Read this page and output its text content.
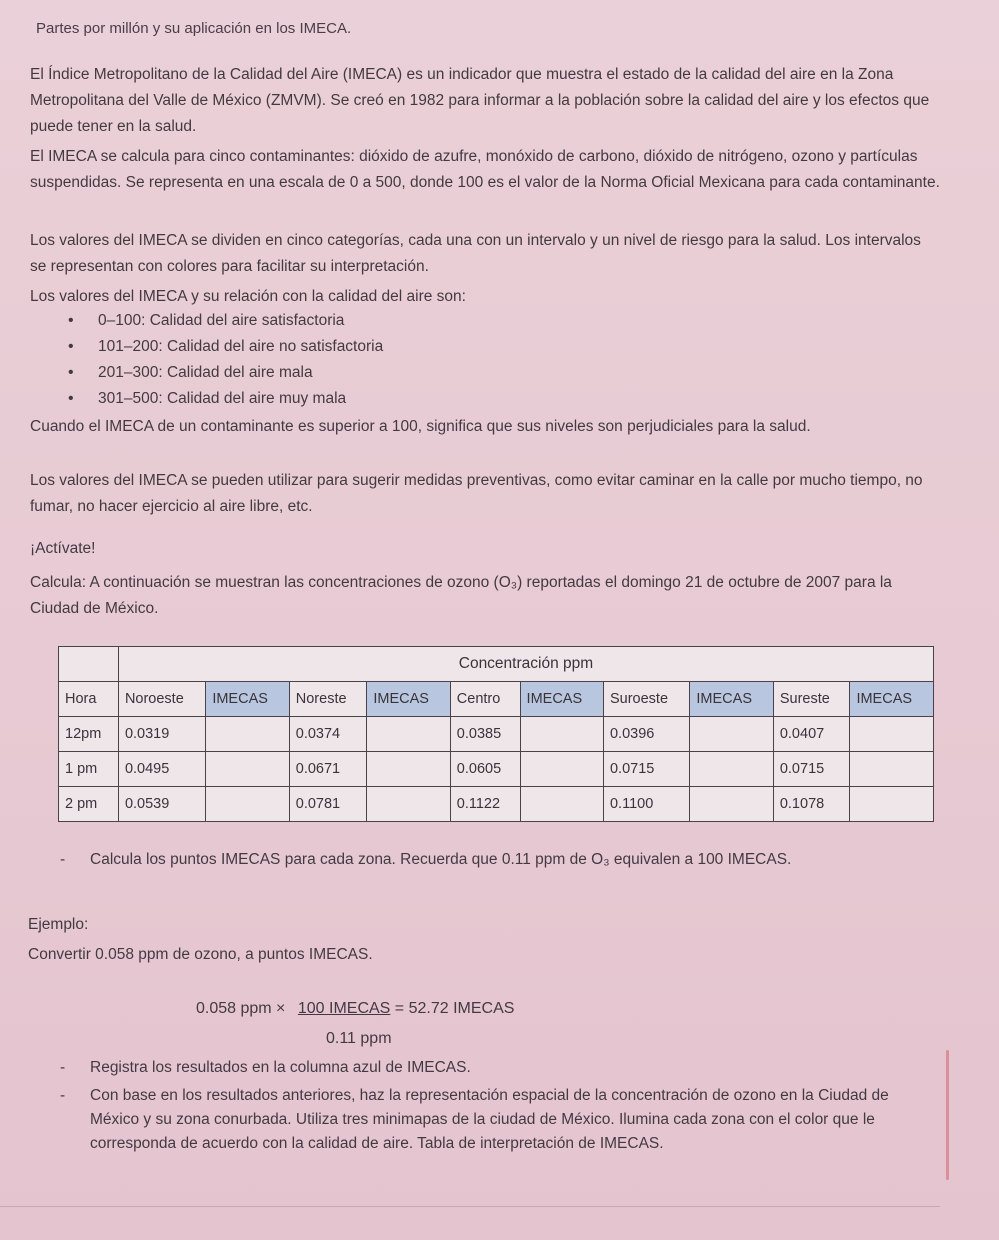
Partes por millón y su aplicación en los IMECA.
El Índice Metropolitano de la Calidad del Aire (IMECA) es un indicador que muestra el estado de la calidad del aire en la Zona Metropolitana del Valle de México (ZMVM). Se creó en 1982 para informar a la población sobre la calidad del aire y los efectos que puede tener en la salud.
El IMECA se calcula para cinco contaminantes: dióxido de azufre, monóxido de carbono, dióxido de nitrógeno, ozono y partículas suspendidas. Se representa en una escala de 0 a 500, donde 100 es el valor de la Norma Oficial Mexicana para cada contaminante.
Los valores del IMECA se dividen en cinco categorías, cada una con un intervalo y un nivel de riesgo para la salud. Los intervalos se representan con colores para facilitar su interpretación.
Los valores del IMECA y su relación con la calidad del aire son:
• 0–100: Calidad del aire satisfactoria
• 101–200: Calidad del aire no satisfactoria
• 201–300: Calidad del aire mala
• 301–500: Calidad del aire muy mala
Cuando el IMECA de un contaminante es superior a 100, significa que sus niveles son perjudiciales para la salud.
Los valores del IMECA se pueden utilizar para sugerir medidas preventivas, como evitar caminar en la calle por mucho tiempo, no fumar, no hacer ejercicio al aire libre, etc.
¡Actívate!
Calcula: A continuación se muestran las concentraciones de ozono (O₃) reportadas el domingo 21 de octubre de 2007 para la Ciudad de México.
	Concentración ppm									
Hora	Noroeste	IMECAS	Noreste	IMECAS	Centro	IMECAS	Suroeste	IMECAS	Sureste	IMECAS
12pm	0.0319		0.0374		0.0385		0.0396		0.0407	
1 pm	0.0495		0.0671		0.0605		0.0715		0.0715	
2 pm	0.0539		0.0781		0.1122		0.1100		0.1078	
- Calcula los puntos IMECAS para cada zona. Recuerda que 0.11 ppm de O₃ equivalen a 100 IMECAS.
Ejemplo:
Convertir 0.058 ppm de ozono, a puntos IMECAS.
0.058 ppm × 100 IMECAS = 52.72 IMECAS
0.11 ppm
- Registra los resultados en la columna azul de IMECAS.
- Con base en los resultados anteriores, haz la representación espacial de la concentración de ozono en la Ciudad de México y su zona conurbada. Utiliza tres minimapas de la ciudad de México. Ilumina cada zona con el color que le corresponda de acuerdo con la calidad de aire. Tabla de interpretación de IMECAS.
